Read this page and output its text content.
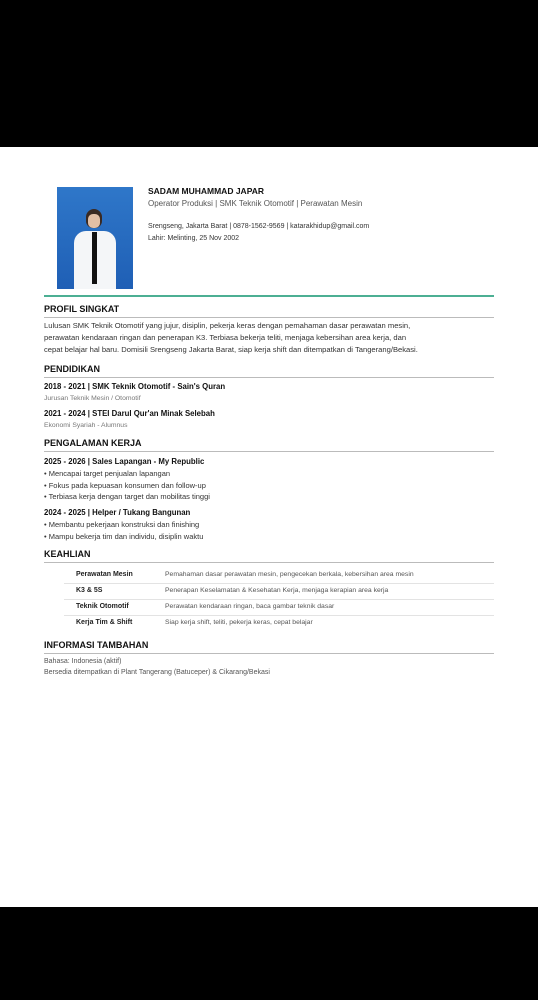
SADAM MUHAMMAD JAPAR
Operator Produksi | SMK Teknik Otomotif | Perawatan Mesin
Srengseng, Jakarta Barat | 0878-1562-9569 | katarakhidup@gmail.com
Lahir: Melinting, 25 Nov 2002
PROFIL SINGKAT
Lulusan SMK Teknik Otomotif yang jujur, disiplin, pekerja keras dengan pemahaman dasar perawatan mesin,
perawatan kendaraan ringan dan penerapan K3. Terbiasa bekerja teliti, menjaga kebersihan area kerja, dan
cepat belajar hal baru. Domisili Srengseng Jakarta Barat, siap kerja shift dan ditempatkan di Tangerang/Bekasi.
PENDIDIKAN
2018 - 2021 | SMK Teknik Otomotif - Sain's Quran
Jurusan Teknik Mesin / Otomotif
2021 - 2024 | STEI Darul Qur'an Minak Selebah
Ekonomi Syariah - Alumnus
PENGALAMAN KERJA
2025 - 2026 | Sales Lapangan - My Republic
• Mencapai target penjualan lapangan
• Fokus pada kepuasan konsumen dan follow-up
• Terbiasa kerja dengan target dan mobilitas tinggi
2024 - 2025 | Helper / Tukang Bangunan
• Membantu pekerjaan konstruksi dan finishing
• Mampu bekerja tim dan individu, disiplin waktu
KEAHLIAN
Perawatan Mesin	Pemahaman dasar perawatan mesin, pengecekan berkala, kebersihan area mesin
K3 & 5S	Penerapan Keselamatan & Kesehatan Kerja, menjaga kerapian area kerja
Teknik Otomotif	Perawatan kendaraan ringan, baca gambar teknik dasar
Kerja Tim & Shift	Siap kerja shift, teliti, pekerja keras, cepat belajar
INFORMASI TAMBAHAN
Bahasa: Indonesia (aktif)
Bersedia ditempatkan di Plant Tangerang (Batuceper) & Cikarang/Bekasi
